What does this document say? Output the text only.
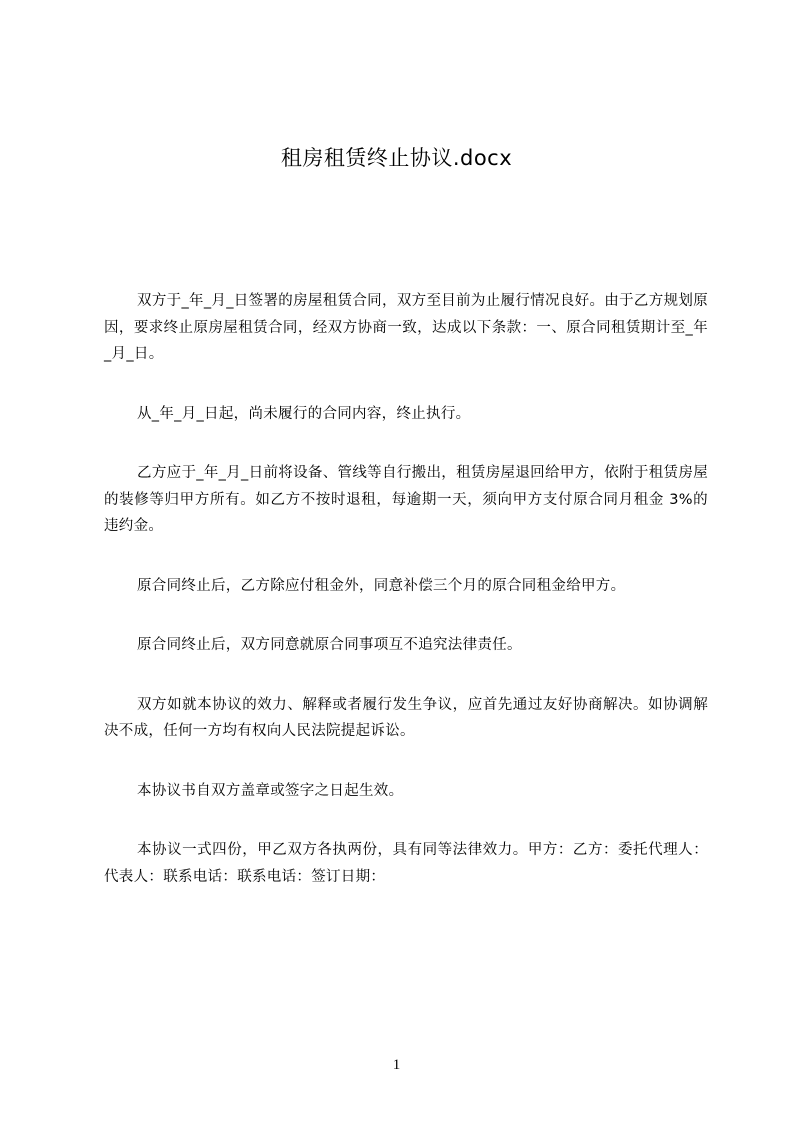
租房租赁终止协议.docx

双方于_年_月_日签署的房屋租赁合同，双方至目前为止履行情况良好。由于乙方规划原因，要求终止原房屋租赁合同，经双方协商一致，达成以下条款：一、原合同租赁期计至_年_月_日。

从_年_月_日起，尚未履行的合同内容，终止执行。

乙方应于_年_月_日前将设备、管线等自行搬出，租赁房屋退回给甲方，依附于租赁房屋的装修等归甲方所有。如乙方不按时退租，每逾期一天，须向甲方支付原合同月租金 3%的违约金。

原合同终止后，乙方除应付租金外，同意补偿三个月的原合同租金给甲方。

原合同终止后，双方同意就原合同事项互不追究法律责任。

双方如就本协议的效力、解释或者履行发生争议，应首先通过友好协商解决。如协调解决不成，任何一方均有权向人民法院提起诉讼。

本协议书自双方盖章或签字之日起生效。

本协议一式四份，甲乙双方各执两份，具有同等法律效力。甲方：乙方：委托代理人：代表人：联系电话：联系电话：签订日期：

1
